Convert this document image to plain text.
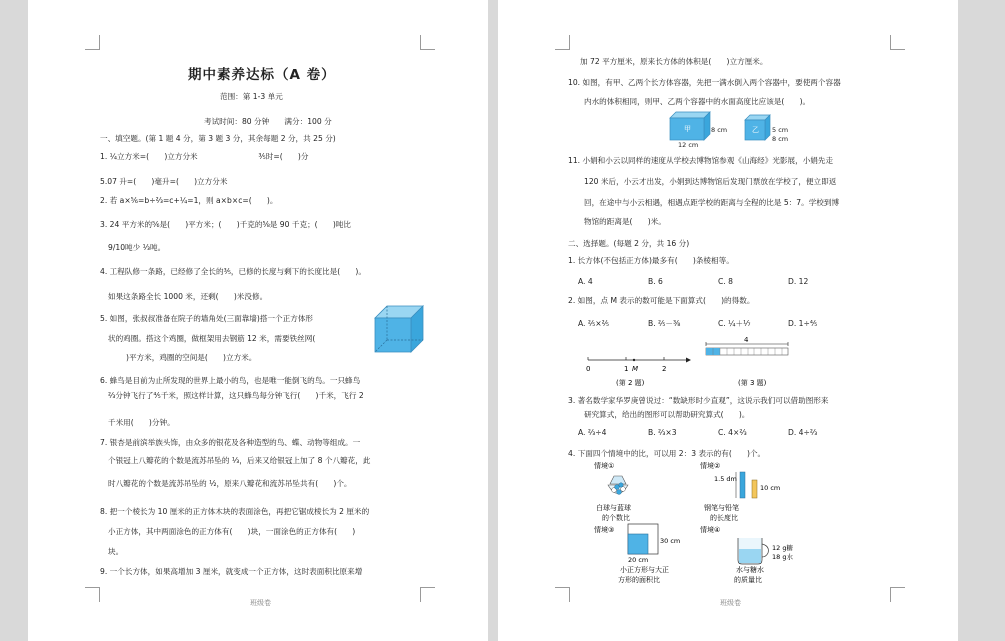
期中素养达标（A 卷）
范围：第 1-3 单元
考试时间：80 分钟　　满分：100 分
一、填空题。(第 1 题 4 分，第 3 题 3 分，其余每题 2 分，共 25 分)
1. ¼立方米=(　　)立方分米　　　　　　　　⅗时=(　　)分
5.07 升=(　　)毫升=(　　)立方分米
2. 若 a×⅚=b÷⅔=c+¼=1，则 a×b×c=(　　)。
3. 24 平方米的⅚是(　　)平方米；(　　)千克的⅝是 90 千克；(　　)吨比
9/10吨少 ⅓吨。
4. 工程队修一条路，已经修了全长的⅗，已修的长度与剩下的长度比是(　　)。
如果这条路全长 1000 米，还剩(　　)米没修。
5. 如图，张叔叔准备在院子的墙角处(三面靠墙)搭一个正方体形
状的鸡圈。搭这个鸡圈，做框架用去钢筋 12 米，需要铁丝网(
)平方米，鸡圈的空间是(　　)立方米。
6. 蜂鸟是目前为止所发现的世界上最小的鸟，也是唯一能倒飞的鸟。一只蜂鸟
⅔分钟飞行了⅘千米，照这样计算，这只蜂鸟每分钟飞行(　　)千米，飞行 2
千米用(　　)分钟。
7. 银杏是前滨举族头饰，由众多的银花及各种造型的鸟、蝶、动物等组成。一
个银冠上八瓣花的个数是流苏吊坠的 ⅓，后来又给银冠上加了 8 个八瓣花，此
时八瓣花的个数是流苏吊坠的 ½，原来八瓣花和流苏吊坠共有(　　)个。
8. 把一个棱长为 10 厘米的正方体木块的表面涂色，再把它锯成棱长为 2 厘米的
小正方体，其中两面涂色的正方体有(　　)块，一面涂色的正方体有(　　)
块。
9. 一个长方体，如果高增加 3 厘米，就变成一个正方体，这时表面积比原来增
班级卷
加 72 平方厘米，原来长方体的体积是(　　)立方厘米。
10. 如图，有甲、乙两个长方体容器，先把一满水倒入两个容器中，要使两个容器
内水的体积相同，则甲、乙两个容器中的水面高度比应该是(　　)。
甲	8 cm
12 cm
乙 5 cm
8 cm
11. 小娟和小云以同样的速度从学校去博物馆参观《山海经》光影展，小娟先走
120 米后，小云才出发，小娟到达博物馆后发现门票放在学校了，便立即返
回，在途中与小云相遇，相遇点距学校的距离与全程的比是 5：7。学校到博
物馆的距离是(　　)米。
二、选择题。(每题 2 分，共 16 分)
1. 长方体(不包括正方体)最多有(　　)条棱相等。
A. 4	B. 6	C. 8	D. 12
2. 如图，点 M 表示的数可能是下面算式(　　)的得数。
A. ⅖×⅖	B. ⅖－⅜	C. ¼＋⅐	D. 1÷⅘
0	1 M	2
(第 2 题)
4
(第 3 题)
3. 著名数学家华罗庚曾说过：“数缺形时少直观”，这说示我们可以借助图形来
研究算式，给出的图形可以帮助研究算式(　　)。
A. ⅔÷4	B. ⅔×3	C. 4×⅔	D. 4÷⅔
4. 下面四个情境中的比，可以用 2：3 表示的有(　　)个。
情境①
白球与蓝球
的个数比
情境②
1.5 dm
10 cm
钢笔与铅笔
的长度比
情境③
30 cm
20 cm
小正方形与大正
方形的面积比
情境④
12 g糖
18 g水
水与糖水
的质量比
班级卷
